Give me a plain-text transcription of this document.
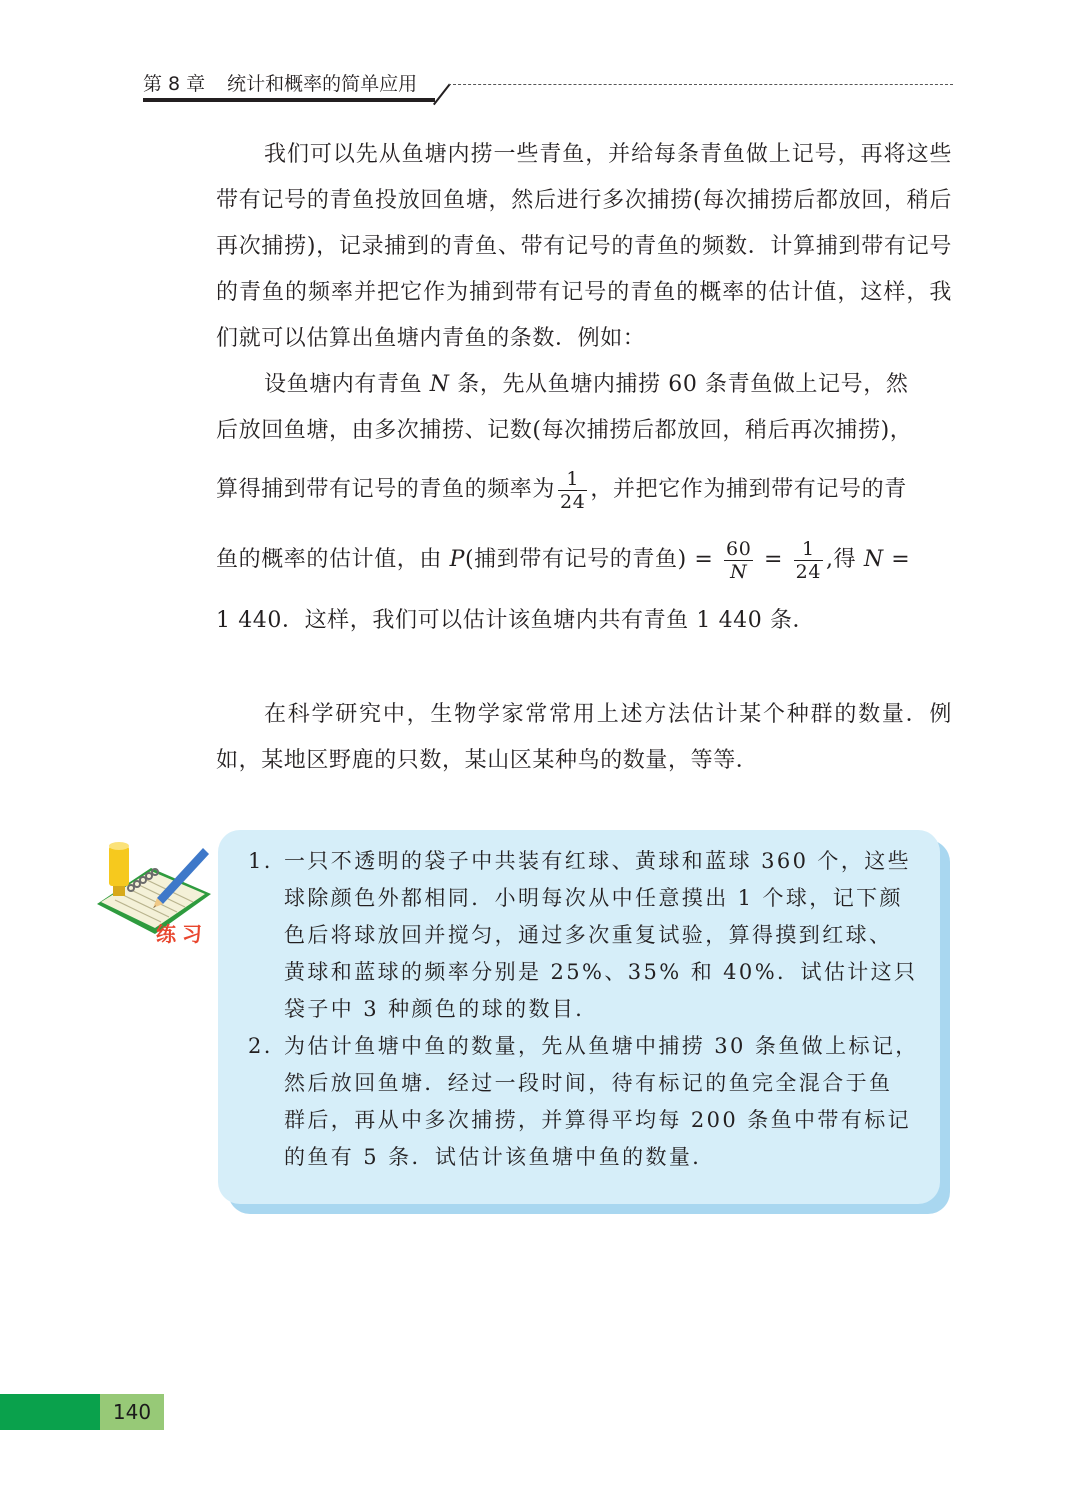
第 8 章 统计和概率的简单应用

我们可以先从鱼塘内捞一些青鱼，并给每条青鱼做上记号，再将这些带有记号的青鱼投放回鱼塘，然后进行多次捕捞(每次捕捞后都放回，稍后再次捕捞)，记录捕到的青鱼、带有记号的青鱼的频数．计算捕到带有记号的青鱼的频率并把它作为捕到带有记号的青鱼的概率的估计值，这样，我们就可以估算出鱼塘内青鱼的条数．例如：

设鱼塘内有青鱼 N 条，先从鱼塘内捕捞 60 条青鱼做上记号，然
后放回鱼塘，由多次捕捞、记数(每次捕捞后都放回，稍后再次捕捞)，
算得捕到带有记号的青鱼的频率为 $\frac{1}{24}$ ，并把它作为捕到带有记号的青
鱼的概率的估计值，由 P(捕到带有记号的青鱼) = $\frac{60}{N} = \frac{1}{24}$ ,得 N =
1 440．这样，我们可以估计该鱼塘内共有青鱼 1 440 条．

在科学研究中，生物学家常常用上述方法估计某个种群的数量．例如，某地区野鹿的只数，某山区某种鸟的数量，等等．

练习
1. 一只不透明的袋子中共装有红球、黄球和蓝球 360 个，这些
球除颜色外都相同．小明每次从中任意摸出 1 个球，记下颜
色后将球放回并搅匀，通过多次重复试验，算得摸到红球、
黄球和蓝球的频率分别是 25%、35% 和 40%．试估计这只
袋子中 3 种颜色的球的数目．
2. 为估计鱼塘中鱼的数量，先从鱼塘中捕捞 30 条鱼做上标记，
然后放回鱼塘．经过一段时间，待有标记的鱼完全混合于鱼
群后，再从中多次捕捞，并算得平均每 200 条鱼中带有标记
的鱼有 5 条．试估计该鱼塘中鱼的数量．
140
